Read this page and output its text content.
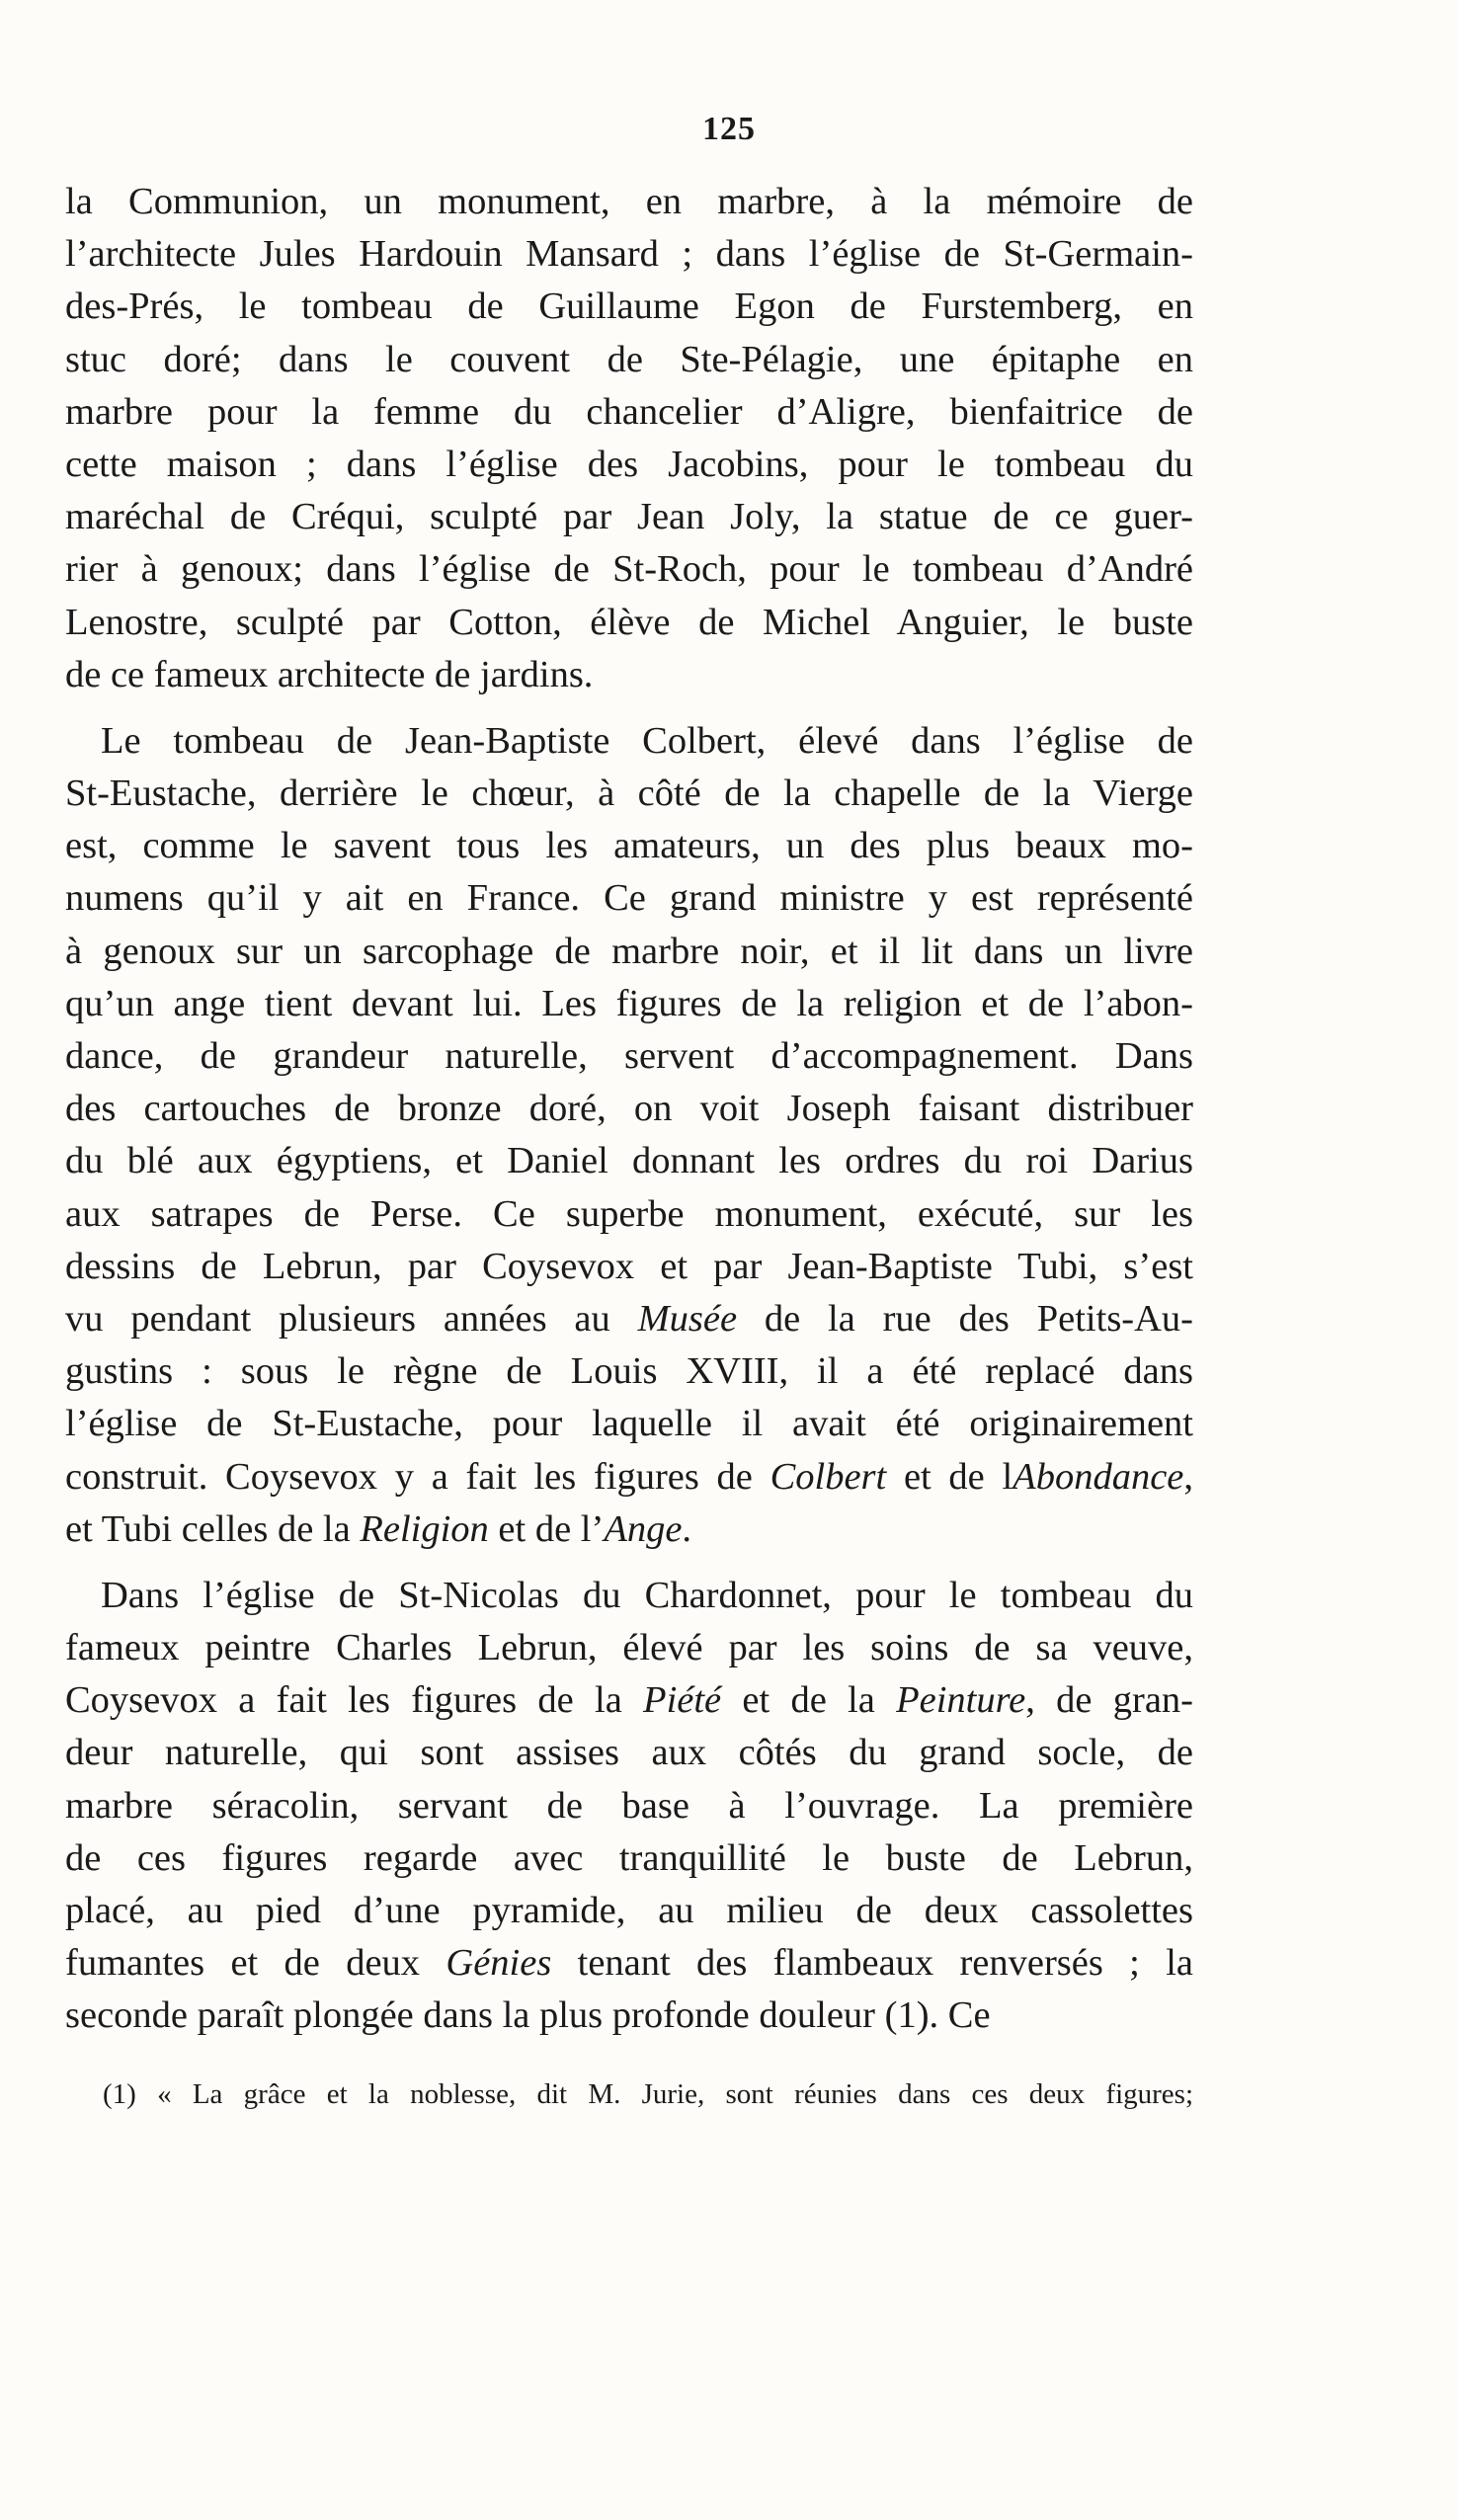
125
la Communion, un monument, en marbre, à la mémoire de
l’architecte Jules Hardouin Mansard ; dans l’église de St-Germain-
des-Prés, le tombeau de Guillaume Egon de Furstemberg, en
stuc doré; dans le couvent de Ste-Pélagie, une épitaphe en
marbre pour la femme du chancelier d’Aligre, bienfaitrice de
cette maison ; dans l’église des Jacobins, pour le tombeau du
maréchal de Créqui, sculpté par Jean Joly, la statue de ce guer-
rier à genoux; dans l’église de St-Roch, pour le tombeau d’André
Lenostre, sculpté par Cotton, élève de Michel Anguier, le buste
de ce fameux architecte de jardins.
Le tombeau de Jean-Baptiste Colbert, élevé dans l’église de
St-Eustache, derrière le chœur, à côté de la chapelle de la Vierge
est, comme le savent tous les amateurs, un des plus beaux mo-
numens qu’il y ait en France. Ce grand ministre y est représenté
à genoux sur un sarcophage de marbre noir, et il lit dans un livre
qu’un ange tient devant lui. Les figures de la religion et de l’abon-
dance, de grandeur naturelle, servent d’accompagnement. Dans
des cartouches de bronze doré, on voit Joseph faisant distribuer
du blé aux égyptiens, et Daniel donnant les ordres du roi Darius
aux satrapes de Perse. Ce superbe monument, exécuté, sur les
dessins de Lebrun, par Coysevox et par Jean-Baptiste Tubi, s’est
vu pendant plusieurs années au Musée de la rue des Petits-Au-
gustins : sous le règne de Louis XVIII, il a été replacé dans
l’église de St-Eustache, pour laquelle il avait été originairement
construit. Coysevox y a fait les figures de Colbert et de lAbondance,
et Tubi celles de la Religion et de l’Ange.
Dans l’église de St-Nicolas du Chardonnet, pour le tombeau du
fameux peintre Charles Lebrun, élevé par les soins de sa veuve,
Coysevox a fait les figures de la Piété et de la Peinture, de gran-
deur naturelle, qui sont assises aux côtés du grand socle, de
marbre séracolin, servant de base à l’ouvrage. La première
de ces figures regarde avec tranquillité le buste de Lebrun,
placé, au pied d’une pyramide, au milieu de deux cassolettes
fumantes et de deux Génies tenant des flambeaux renversés ; la
seconde paraît plongée dans la plus profonde douleur (1). Ce
(1) « La grâce et la noblesse, dit M. Jurie, sont réunies dans ces deux figures;
